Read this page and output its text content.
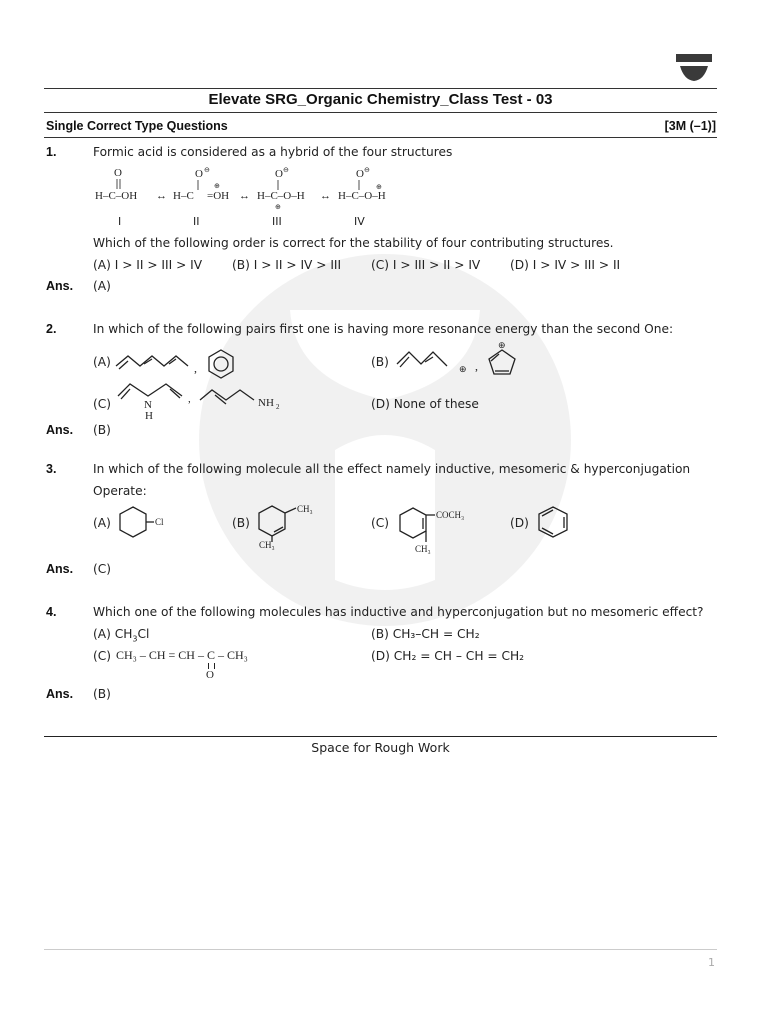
Elevate SRG_Organic Chemistry_Class Test - 03
Single Correct Type Questions	[3M (–1)]
1.	Formic acid is considered as a hybrid of the four structures
H–C–OH
O
↔ H–C
O ⊖
=OH
⊕
↔ H–C–O–H
O ⊖
⊕
↔ H–C–O–H
O ⊖
⊕
I	II	III	IV
Which of the following order is correct for the stability of four contributing structures.
(A) I > II > III > IV (B) I > II > IV > III (C) I > III > II > IV (D) I > IV > III > II
Ans. (A)
2.	In which of the following pairs first one is having more resonance energy than the second One:
(A)	,	(B)	⊕ ,
⊕
(C)	N
H
,	NH 2	(D) None of these
Ans. (B)
3.	In which of the following molecule all the effect namely inductive, mesomeric & hyperconjugation
Operate:
(A)	Cl	(B)
CH₃
CH₃
(C)
COCH₃
CH₃
(D)
Ans. (C)
4.	Which one of the following molecules has inductive and hyperconjugation but no mesomeric effect?
(A) $CH_3Cl$	(B) CH₃–CH = CH₂
(C) CH₃ – CH = CH – C – CH₃
O
(D) CH₂ = CH – CH = CH₂
Ans. (B)
Space for Rough Work
1
